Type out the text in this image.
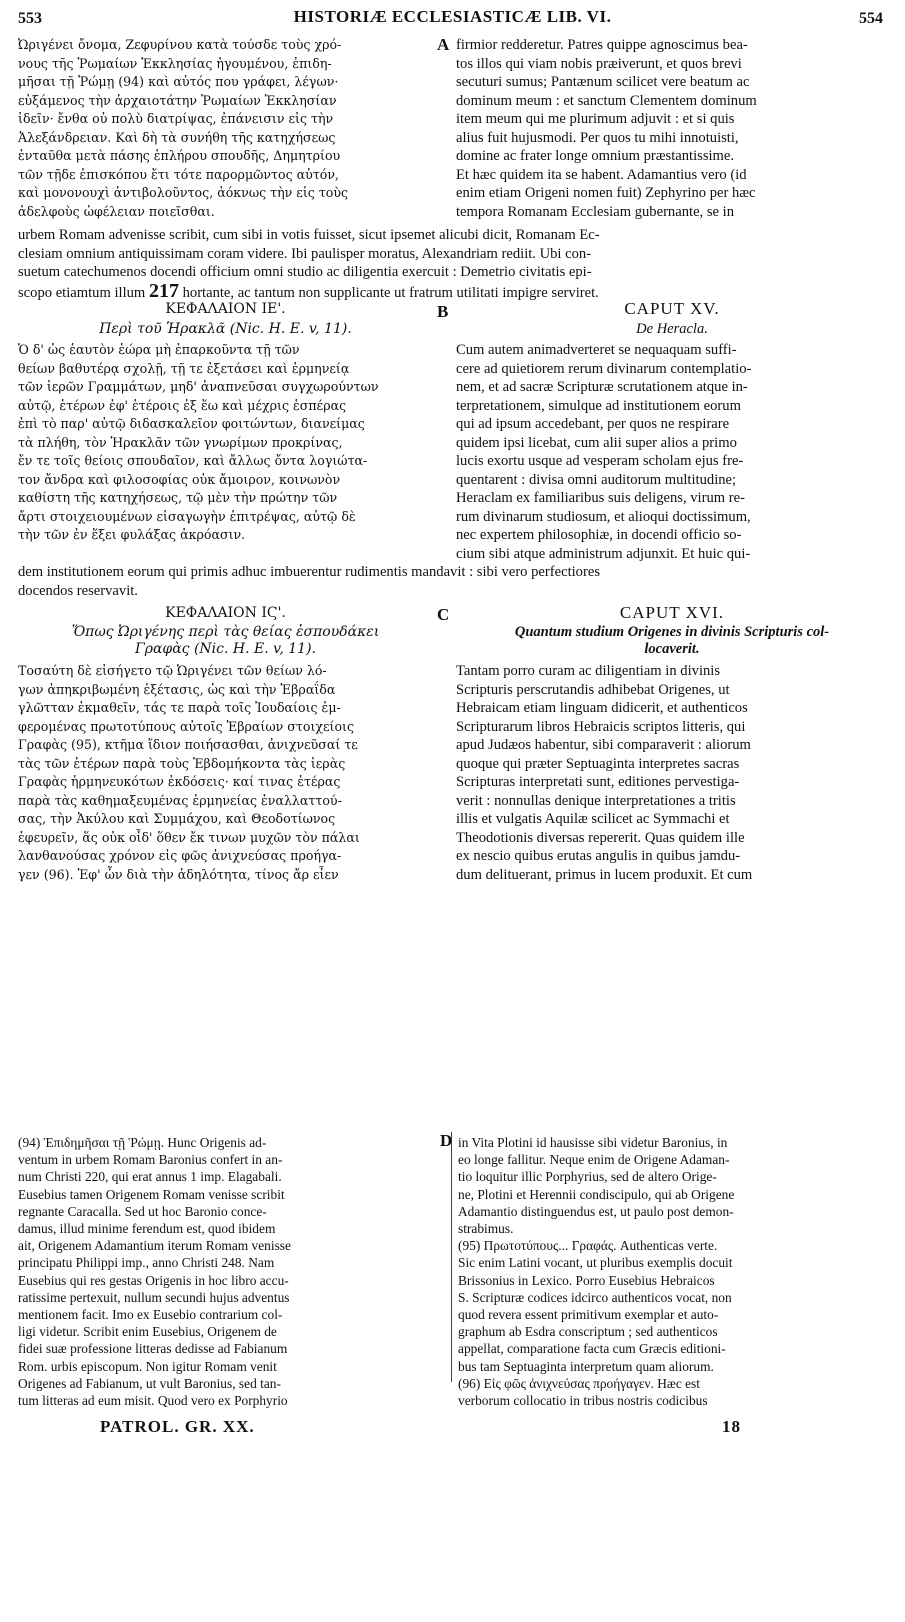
553	HISTORIÆ ECCLESIASTICÆ LIB. VI.	554
Ὠριγένει ὄνομα, Ζεφυρίνου κατὰ τούσδε τοὺς χρό-
νους τῆς Ῥωμαίων Ἐκκλησίας ἡγουμένου, ἐπιδη-
μῆσαι τῇ Ῥώμῃ (94) καὶ αὐτός που γράφει, λέγων·
εὐξάμενος τὴν ἀρχαιοτάτην Ῥωμαίων Ἐκκλησίαν
ἰδεῖν· ἔνθα οὐ πολὺ διατρίψας, ἐπάνεισιν εἰς τὴν
Ἀλεξάνδρειαν. Καὶ δὴ τὰ συνήθη τῆς κατηχήσεως
ἐνταῦθα μετὰ πάσης ἐπλήρου σπουδῆς, Δημητρίου
τῶν τῇδε ἐπισκόπου ἔτι τότε παρορμῶντος αὐτόν,
καὶ μονονουχὶ ἀντιβολοῦντος, ἀόκνως τὴν εἰς τοὺς
ἀδελφοὺς ὠφέλειαν ποιεῖσθαι.
A firmior redderetur. Patres quippe agnoscimus bea-
tos illos qui viam nobis præiverunt, et quos brevi
secuturi sumus; Pantænum scilicet vere beatum ac
dominum meum : et sanctum Clementem dominum
item meum qui me plurimum adjuvit : et si quis
alius fuit hujusmodi. Per quos tu mihi innotuisti,
domine ac frater longe omnium præstantissime.
Et hæc quidem ita se habent. Adamantius vero (id
enim etiam Origeni nomen fuit) Zephyrino per hæc
tempora Romanam Ecclesiam gubernante, se in
urbem Romam advenisse scribit, cum sibi in votis fuisset, sicut ipsemet alicubi dicit, Romanam Ec-
clesiam omnium antiquissimam coram videre. Ibi paulisper moratus, Alexandriam rediit. Ubi con-
suetum catechumenos docendi officium omni studio ac diligentia exercuit : Demetrio civitatis epi-
scopo etiamtum illum 217 hortante, ac tantum non supplicante ut fratrum utilitati impigre serviret.
ΚΕΦΑΛΑΙΟΝ ΙΕ'.	B	CAPUT XV.
Περὶ τοῦ Ἡρακλᾶ (Nic. H. E. v, 11).	De Heracla.
Ὁ δ' ὡς ἑαυτὸν ἑώρα μὴ ἐπαρκοῦντα τῇ τῶν
θείων βαθυτέρᾳ σχολῇ, τῇ τε ἐξετάσει καὶ ἑρμηνείᾳ
τῶν ἱερῶν Γραμμάτων, μηδ' ἀναπνεῦσαι συγχωρούντων
αὐτῷ, ἑτέρων ἐφ' ἑτέροις ἐξ ἕω καὶ μέχρις ἑσπέρας
ἐπὶ τὸ παρ' αὐτῷ διδασκαλεῖον φοιτώντων, διανείμας
τὰ πλήθη, τὸν Ἡρακλᾶν τῶν γνωρίμων προκρίνας,
ἔν τε τοῖς θείοις σπουδαῖον, καὶ ἄλλως ὄντα λογιώτα-
τον ἄνδρα καὶ φιλοσοφίας οὐκ ἄμοιρον, κοινωνὸν
καθίστη τῆς κατηχήσεως, τῷ μὲν τὴν πρώτην τῶν
ἄρτι στοιχειουμένων εἰσαγωγὴν ἐπιτρέψας, αὐτῷ δὲ
τὴν τῶν ἐν ἕξει φυλάξας ἀκρόασιν.
Cum autem animadverteret se nequaquam suffi-
cere ad quietiorem rerum divinarum contemplatio-
nem, et ad sacræ Scripturæ scrutationem atque in-
terpretationem, simulque ad institutionem eorum
qui ad ipsum accedebant, per quos ne respirare
quidem ipsi licebat, cum alii super alios a primo
lucis exortu usque ad vesperam scholam ejus fre-
quentarent : divisa omni auditorum multitudine;
Heraclam ex familiaribus suis deligens, virum re-
rum divinarum studiosum, et alioqui doctissimum,
nec expertem philosophiæ, in docendi officio so-
cium sibi atque administrum adjunxit. Et huic qui-
dem institutionem eorum qui primis adhuc imbuerentur rudimentis mandavit : sibi vero perfectiores
docendos reservavit.
ΚΕΦΑΛΑΙΟΝ ΙϚ'.	C	CAPUT XVI.
Ὅπως Ὠριγένης περὶ τὰς θείας ἐσπουδάκει
Γραφὰς (Nic. H. E. v, 11).
Quantum studium Origenes in divinis Scripturis col-
locaverit.
Τοσαύτη δὲ εἰσήγετο τῷ Ὠριγένει τῶν θείων λό-
γων ἀπηκριβωμένη ἐξέτασις, ὡς καὶ τὴν Ἑβραΐδα
γλῶτταν ἐκμαθεῖν, τάς τε παρὰ τοῖς Ἰουδαίοις ἐμ-
φερομένας πρωτοτύπους αὐτοῖς Ἑβραίων στοιχείοις
Γραφὰς (95), κτῆμα ἴδιον ποιήσασθαι, ἀνιχνεῦσαί τε
τὰς τῶν ἑτέρων παρὰ τοὺς Ἑβδομήκοντα τὰς ἱερὰς
Γραφὰς ἡρμηνευκότων ἐκδόσεις· καί τινας ἑτέρας
παρὰ τὰς καθημαξευμένας ἑρμηνείας ἐναλλαττού-
σας, τὴν Ἀκύλου καὶ Συμμάχου, καὶ Θεοδοτίωνος
ἐφευρεῖν, ἅς οὐκ οἶδ' ὅθεν ἔκ τινων μυχῶν τὸν πάλαι
λανθανούσας χρόνον εἰς φῶς ἀνιχνεύσας προήγα-
γεν (96). Ἐφ' ὧν διὰ τὴν ἀδηλότητα, τίνος ἄρ εἶεν
Tantam porro curam ac diligentiam in divinis
Scripturis perscrutandis adhibebat Origenes, ut
Hebraicam etiam linguam didicerit, et authenticos
Scripturarum libros Hebraicis scriptos litteris, qui
apud Judæos habentur, sibi comparaverit : aliorum
quoque qui præter Septuaginta interpretes sacras
Scripturas interpretati sunt, editiones pervestiga-
verit : nonnullas denique interpretationes a tritis
illis et vulgatis Aquilæ scilicet ac Symmachi et
Theodotionis diversas repererit. Quas quidem ille
ex nescio quibus erutas angulis in quibus jamdu-
dum delituerant, primus in lucem produxit. Et cum
(94) Ἐπιδημῆσαι τῇ Ῥώμῃ. Hunc Origenis ad-
ventum in urbem Romam Baronius confert in an-
num Christi 220, qui erat annus 1 imp. Elagabali.
Eusebius tamen Origenem Romam venisse scribit
regnante Caracalla. Sed ut hoc Baronio conce-
damus, illud minime ferendum est, quod ibidem
ait, Origenem Adamantium iterum Romam venisse
principatu Philippi imp., anno Christi 248. Nam
Eusebius qui res gestas Origenis in hoc libro accu-
ratissime pertexuit, nullum secundi hujus adventus
mentionem facit. Imo ex Eusebio contrarium col-
ligi videtur. Scribit enim Eusebius, Origenem de
fidei suæ professione litteras dedisse ad Fabianum
Rom. urbis episcopum. Non igitur Romam venit
Origenes ad Fabianum, ut vult Baronius, sed tan-
tum litteras ad eum misit. Quod vero ex Porphyrio
D in Vita Plotini id hausisse sibi videtur Baronius, in
eo longe fallitur. Neque enim de Origene Adaman-
tio loquitur illic Porphyrius, sed de altero Orige-
ne, Plotini et Herennii condiscipulo, qui ab Origene
Adamantio distinguendus est, ut paulo post demon-
strabimus.
(95) Πρωτοτύπους... Γραφάς. Authenticas verte.
Sic enim Latini vocant, ut pluribus exemplis docuit
Brissonius in Lexico. Porro Eusebius Hebraicos
S. Scripturæ codices idcirco authenticos vocat, non
quod revera essent primitivum exemplar et auto-
graphum ab Esdra conscriptum ; sed authenticos
appellat, comparatione facta cum Græcis editioni-
bus tam Septuaginta interpretum quam aliorum.
(96) Εἰς φῶς ἀνιχνεύσας προήγαγεν. Hæc est
verborum collocatio in tribus nostris codicibus
PATROL. GR. XX.	18
